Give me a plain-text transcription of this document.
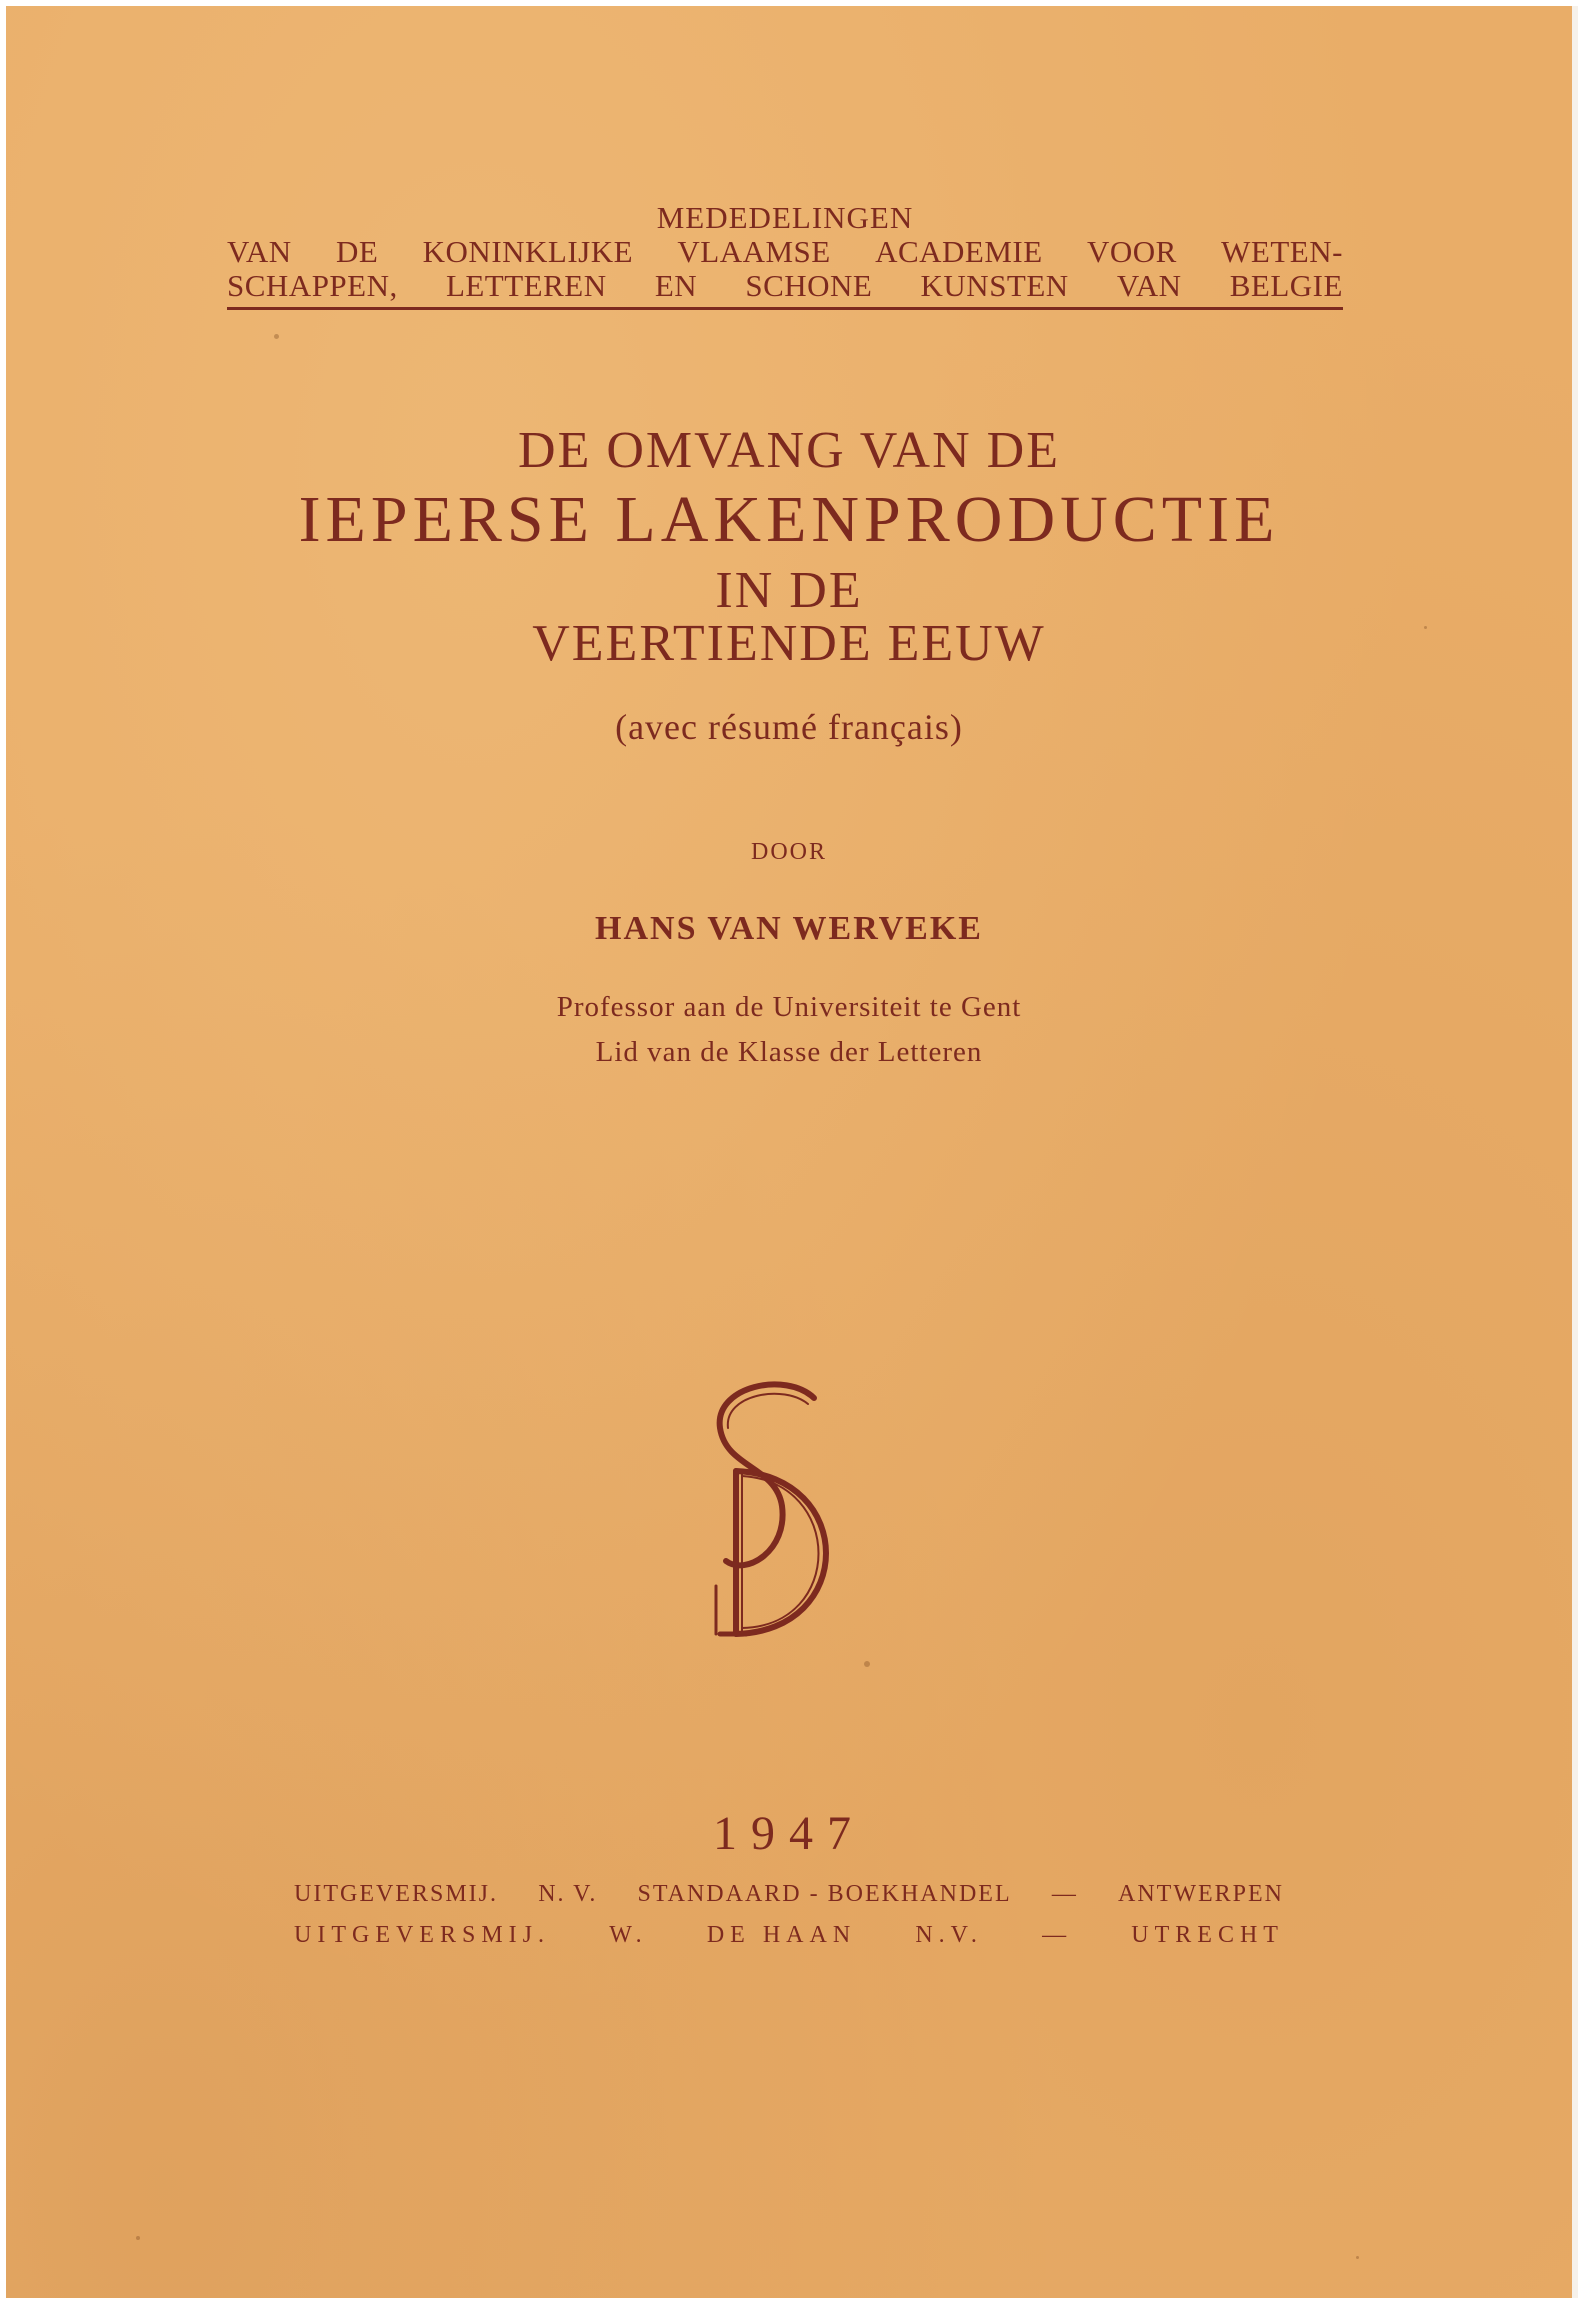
MEDEDELINGEN
VAN DE KONINKLIJKE VLAAMSE ACADEMIE VOOR WETEN-
SCHAPPEN, LETTEREN EN SCHONE KUNSTEN VAN BELGIE
DE OMVANG VAN DE
IEPERSE LAKENPRODUCTIE
IN DE
VEERTIENDE EEUW
(avec résumé français)
DOOR
HANS VAN WERVEKE
Professor aan de Universiteit te Gent
Lid van de Klasse der Letteren
1947
UITGEVERSMIJ. N. V. STANDAARD - BOEKHANDEL — ANTWERPEN
UITGEVERSMIJ. W. DE HAAN N.V. — UTRECHT
